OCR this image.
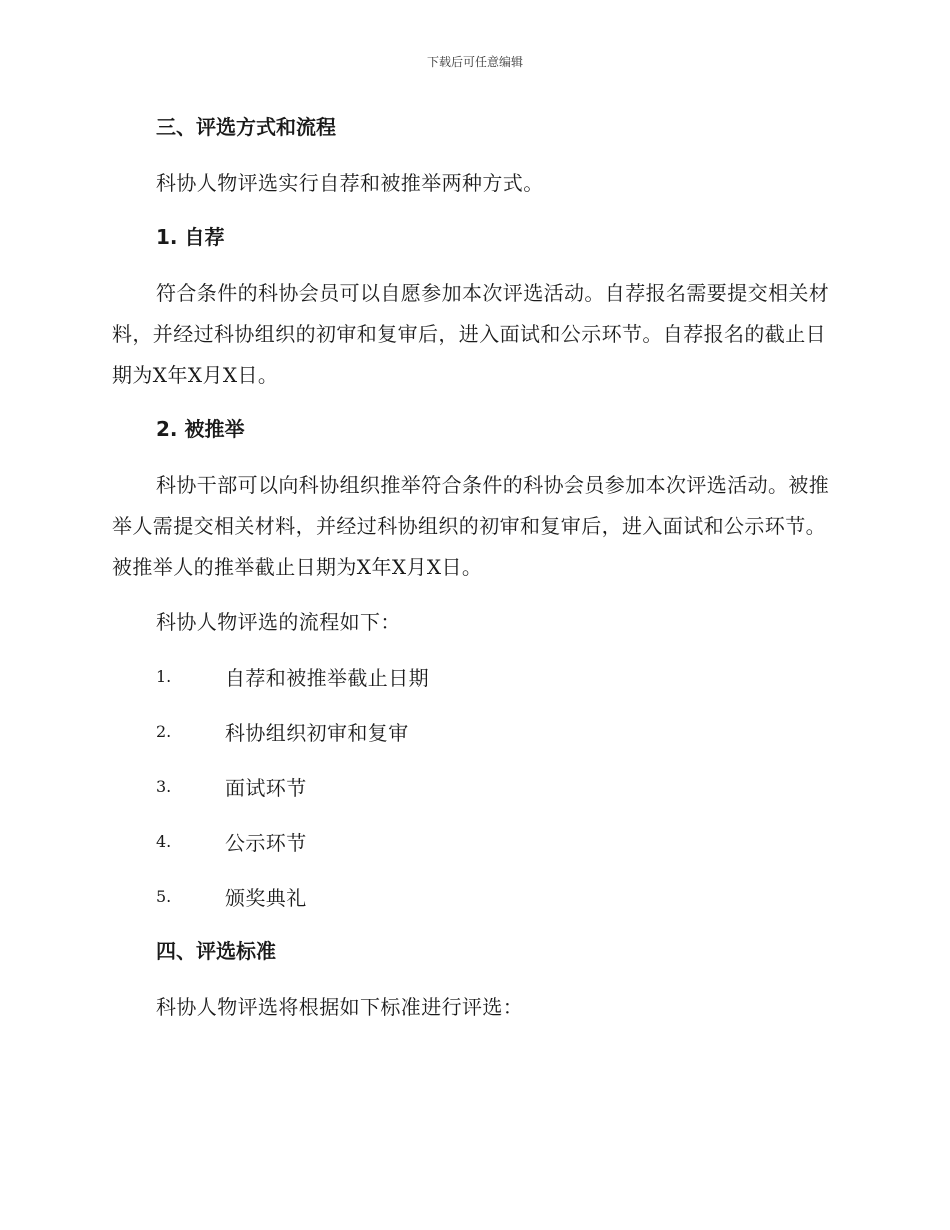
下载后可任意编辑
三、评选方式和流程

科协人物评选实行自荐和被推举两种方式。

1. 自荐

符合条件的科协会员可以自愿参加本次评选活动。自荐报名需要提交相关材料，并经过科协组织的初审和复审后，进入面试和公示环节。自荐报名的截止日期为X年X月X日。

2. 被推举

科协干部可以向科协组织推举符合条件的科协会员参加本次评选活动。被推举人需提交相关材料，并经过科协组织的初审和复审后，进入面试和公示环节。被推举人的推举截止日期为X年X月X日。

科协人物评选的流程如下：

1.	自荐和被推举截止日期
2.	科协组织初审和复审
3.	面试环节
4.	公示环节
5.	颁奖典礼
四、评选标准

科协人物评选将根据如下标准进行评选：
